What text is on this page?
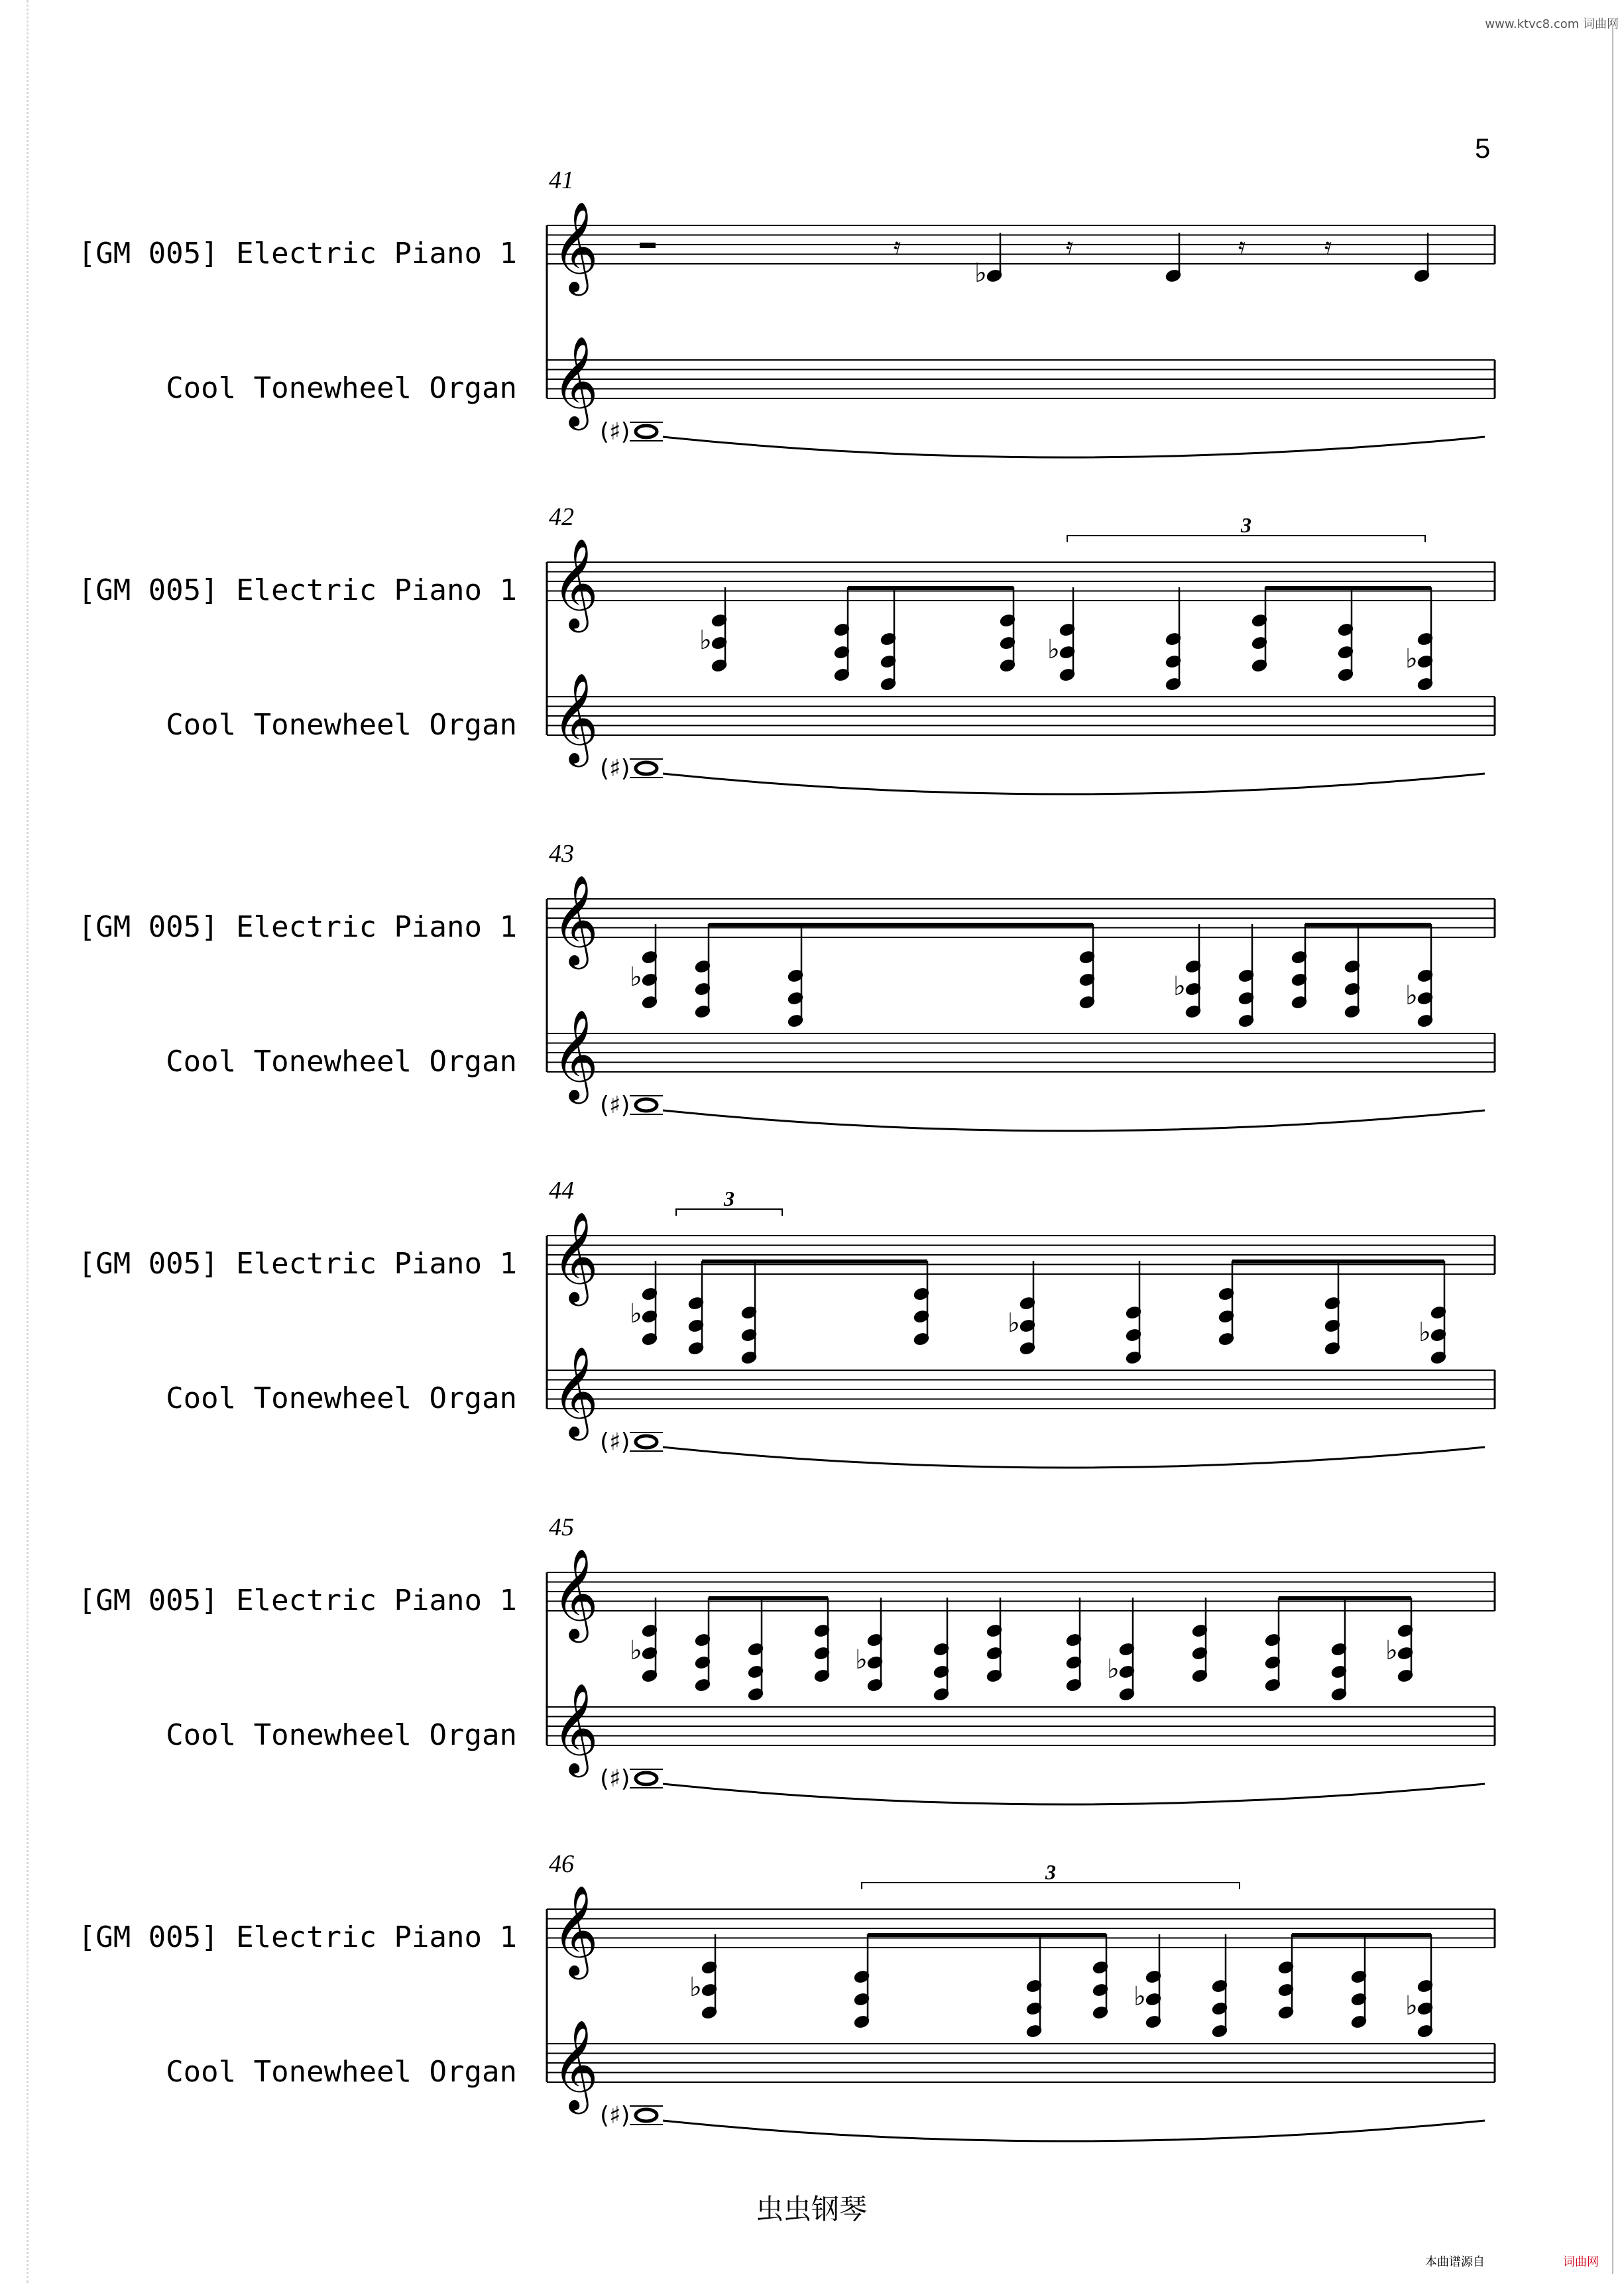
www.ktvc8.com 词曲网
5
41
[GM 005] Electric Piano 1
Cool Tonewheel Organ
42
[GM 005] Electric Piano 1
Cool Tonewheel Organ
43
[GM 005] Electric Piano 1
Cool Tonewheel Organ
44
[GM 005] Electric Piano 1
Cool Tonewheel Organ
45
[GM 005] Electric Piano 1
Cool Tonewheel Organ
46
[GM 005] Electric Piano 1
Cool Tonewheel Organ
𝄞
𝄞
(♯)
𝄿	𝄿	𝄿	𝄿
♭
𝄞
𝄞
(♯)
♭	♭	♭
3
𝄞
𝄞
(♯)
♭	♭	♭
𝄞
𝄞
(♯)
♭	♭	♭
3
𝄞
𝄞
(♯)
♭	♭	♭
♭
𝄞
𝄞
(♯)
♭	♭	♭
3
虫虫钢琴
本曲谱源自	词曲网
